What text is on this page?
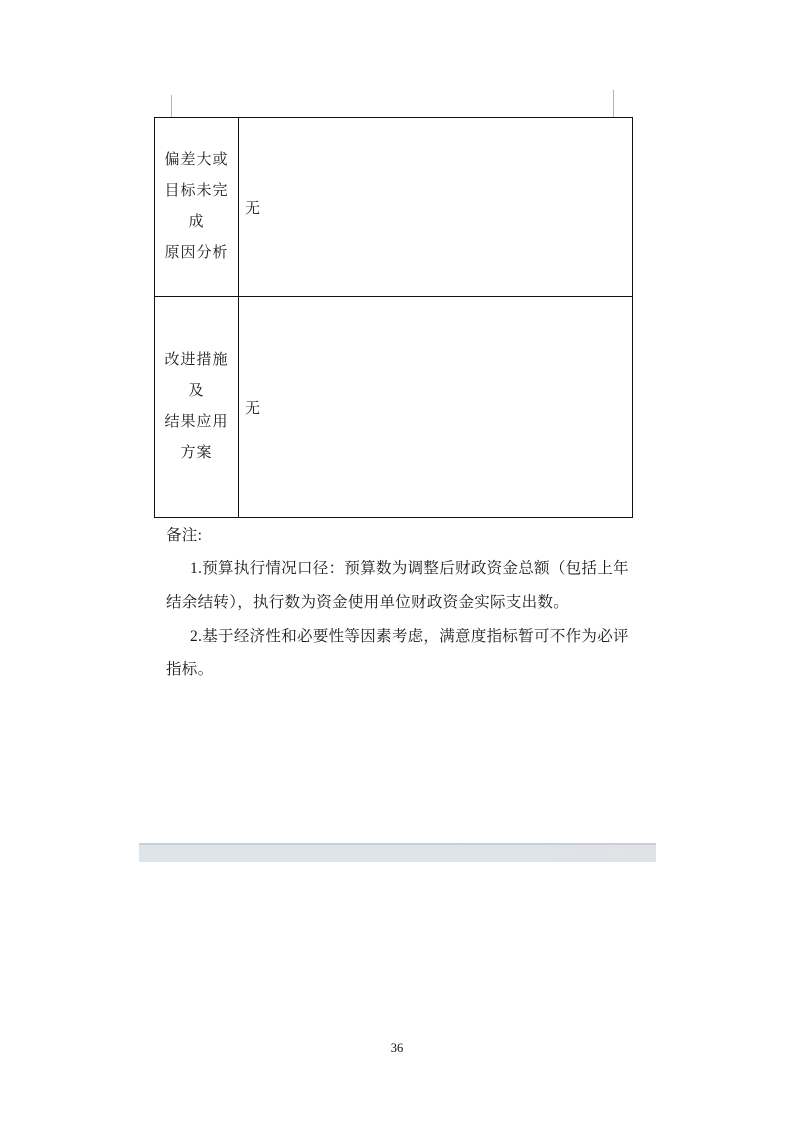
偏差大或
目标未完
成
原因分析
无
改进措施
及
结果应用
方案
无
备注:
1.预算执行情况口径：预算数为调整后财政资金总额（包括上年
结余结转），执行数为资金使用单位财政资金实际支出数。
2.基于经济性和必要性等因素考虑，满意度指标暂可不作为必评
指标。
36
